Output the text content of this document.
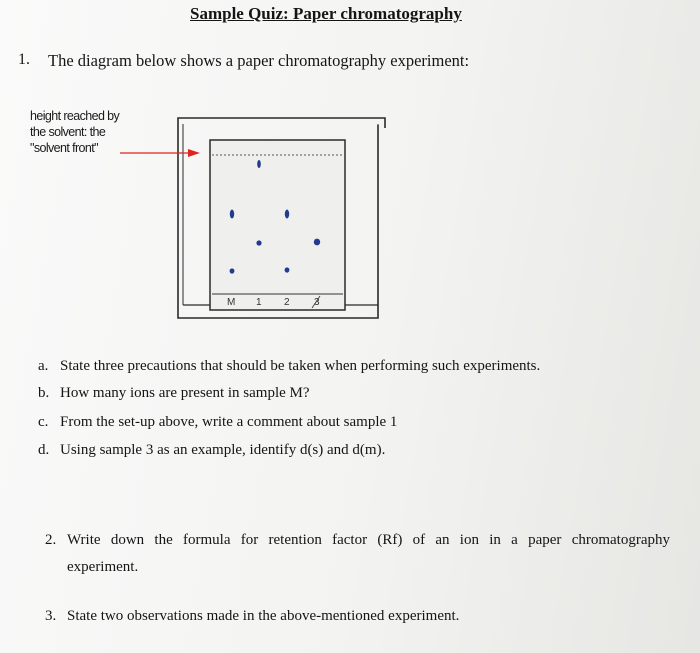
Sample Quiz: Paper chromatography
1. The diagram below shows a paper chromatography experiment:
height reached by
the solvent: the
"solvent front"
M 1 2 3
a. State three precautions that should be taken when performing such experiments.
b. How many ions are present in sample M?
c. From the set-up above, write a comment about sample 1
d. Using sample 3 as an example, identify d(s) and d(m).
2. Write down the formula for retention factor (Rf) of an ion in a paper chromatography
experiment.
3. State two observations made in the above-mentioned experiment.
